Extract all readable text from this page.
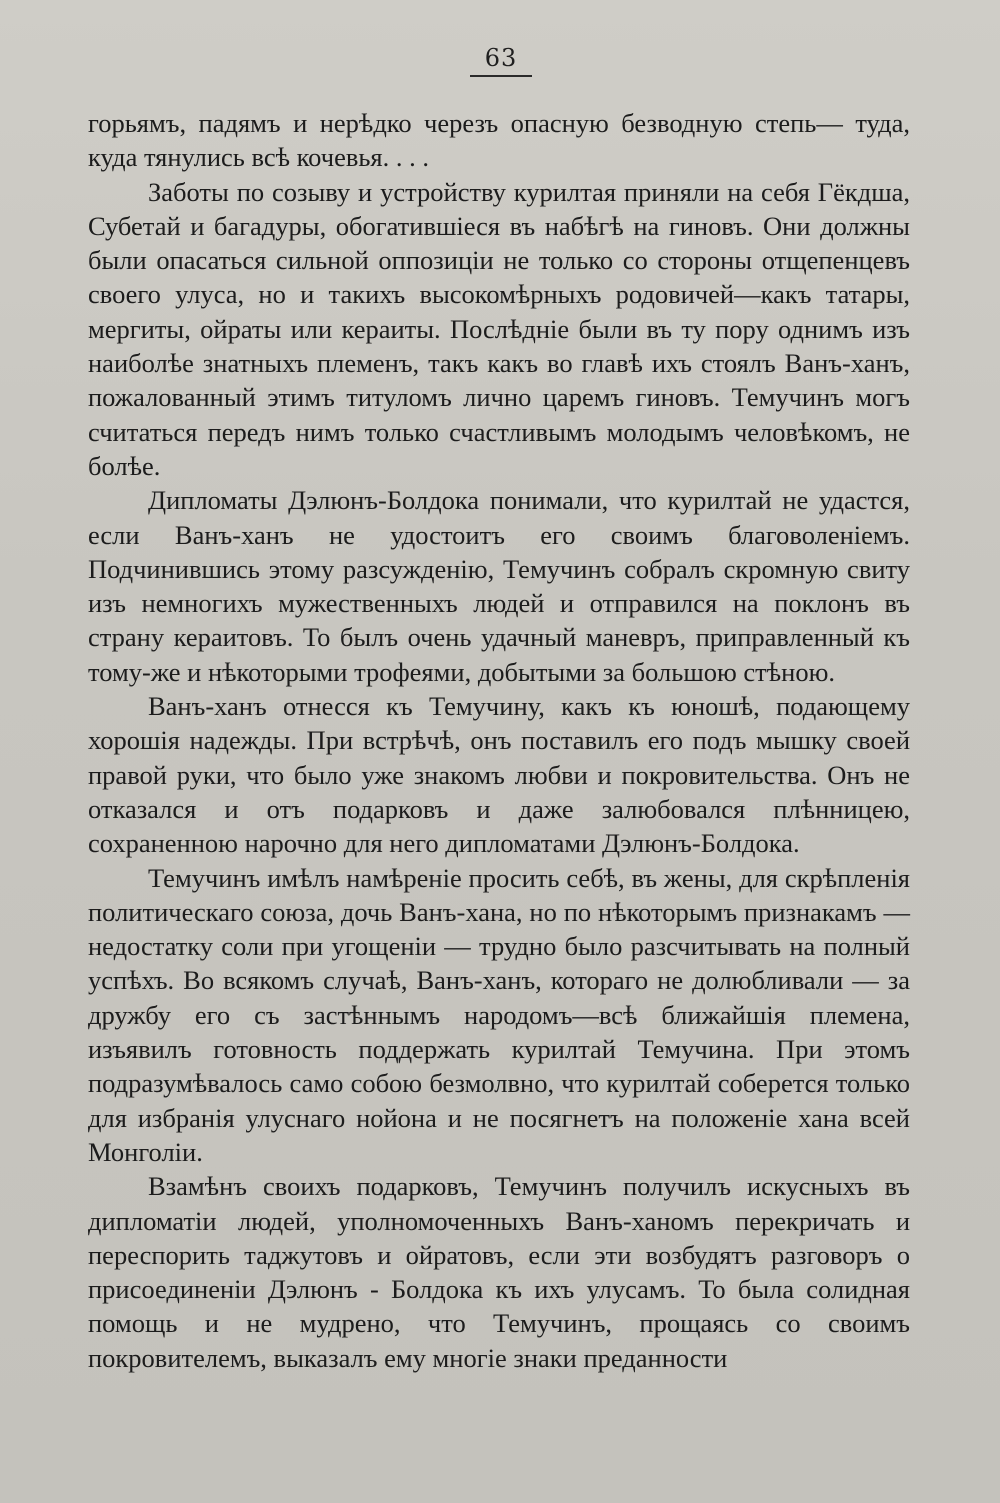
63

горьямъ, падямъ и нерѣдко черезъ опасную безводную степь— туда, куда тянулись всѣ кочевья. . . .

Заботы по созыву и устройству курилтая приняли на себя Гёкдша, Субетай и багадуры, обогатившіеся въ набѣгѣ на гиновъ. Они должны были опасаться сильной оппозиціи не только со стороны отщепенцевъ своего улуса, но и такихъ высокомѣрныхъ родовичей—какъ татары, мергиты, ойраты или кераиты. Послѣдніе были въ ту пору однимъ изъ наиболѣе знатныхъ племенъ, такъ какъ во главѣ ихъ стоялъ Ванъ-ханъ, пожалованный этимъ титуломъ лично царемъ гиновъ. Темучинъ могъ считаться передъ нимъ только счастливымъ молодымъ человѣкомъ, не болѣе.

Дипломаты Дэлюнъ-Болдока понимали, что курилтай не удастся, если Ванъ-ханъ не удостоитъ его своимъ благоволеніемъ. Подчинившись этому разсужденію, Темучинъ собралъ скромную свиту изъ немногихъ мужественныхъ людей и отправился на поклонъ въ страну кераитовъ. То былъ очень удачный маневръ, приправленный къ тому-же и нѣкоторыми трофеями, добытыми за большою стѣною.

Ванъ-ханъ отнесся къ Темучину, какъ къ юношѣ, подающему хорошія надежды. При встрѣчѣ, онъ поставилъ его подъ мышку своей правой руки, что было уже знакомъ любви и покровительства. Онъ не отказался и отъ подарковъ и даже залюбовался плѣнницею, сохраненною нарочно для него дипломатами Дэлюнъ-Болдока.

Темучинъ имѣлъ намѣреніе просить себѣ, въ жены, для скрѣпленія политическаго союза, дочь Ванъ-хана, но по нѣкоторымъ признакамъ — недостатку соли при угощеніи — трудно было разсчитывать на полный успѣхъ. Во всякомъ случаѣ, Ванъ-ханъ, котораго не долюбливали — за дружбу его съ застѣннымъ народомъ—всѣ ближайшія племена, изъявилъ готовность поддержать курилтай Темучина. При этомъ подразумѣвалось само собою безмолвно, что курилтай соберется только для избранія улуснаго нойона и не посягнетъ на положеніе хана всей Монголіи.

Взамѣнъ своихъ подарковъ, Темучинъ получилъ искусныхъ въ дипломатіи людей, уполномоченныхъ Ванъ-ханомъ перекричать и переспорить таджутовъ и ойратовъ, если эти возбудятъ разговоръ о присоединеніи Дэлюнъ - Болдока къ ихъ улусамъ. То была солидная помощь и не мудрено, что Темучинъ, прощаясь со своимъ покровителемъ, выказалъ ему многіе знаки преданности
